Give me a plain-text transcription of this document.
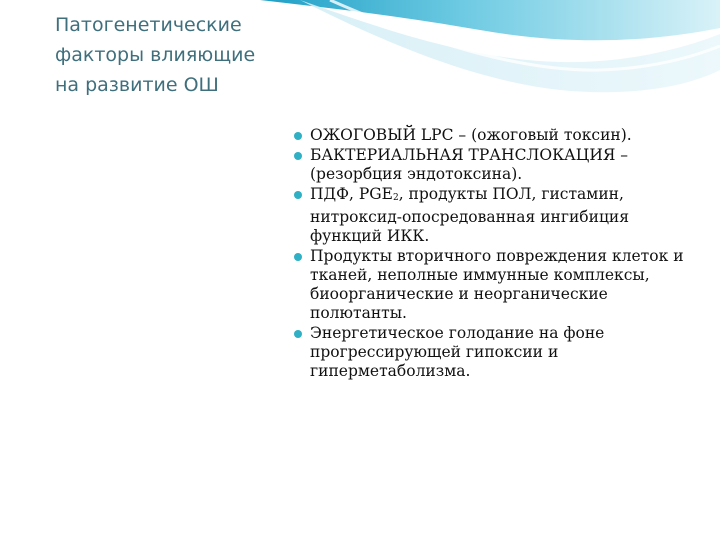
Патогенетические факторы влияющие на развитие ОШ
ОЖОГОВЫЙ LPC – (ожоговый токсин).
БАКТЕРИАЛЬНАЯ ТРАНСЛОКАЦИЯ – (резорбция эндотоксина).
ПДФ, PGE2, продукты ПОЛ, гистамин, нитроксид-опосредованная ингибиция функций ИКК.
Продукты вторичного повреждения клеток и тканей, неполные иммунные комплексы, биоорганические и неорганические полютанты.
Энергетическое голодание на фоне прогрессирующей гипоксии и гиперметаболизма.
